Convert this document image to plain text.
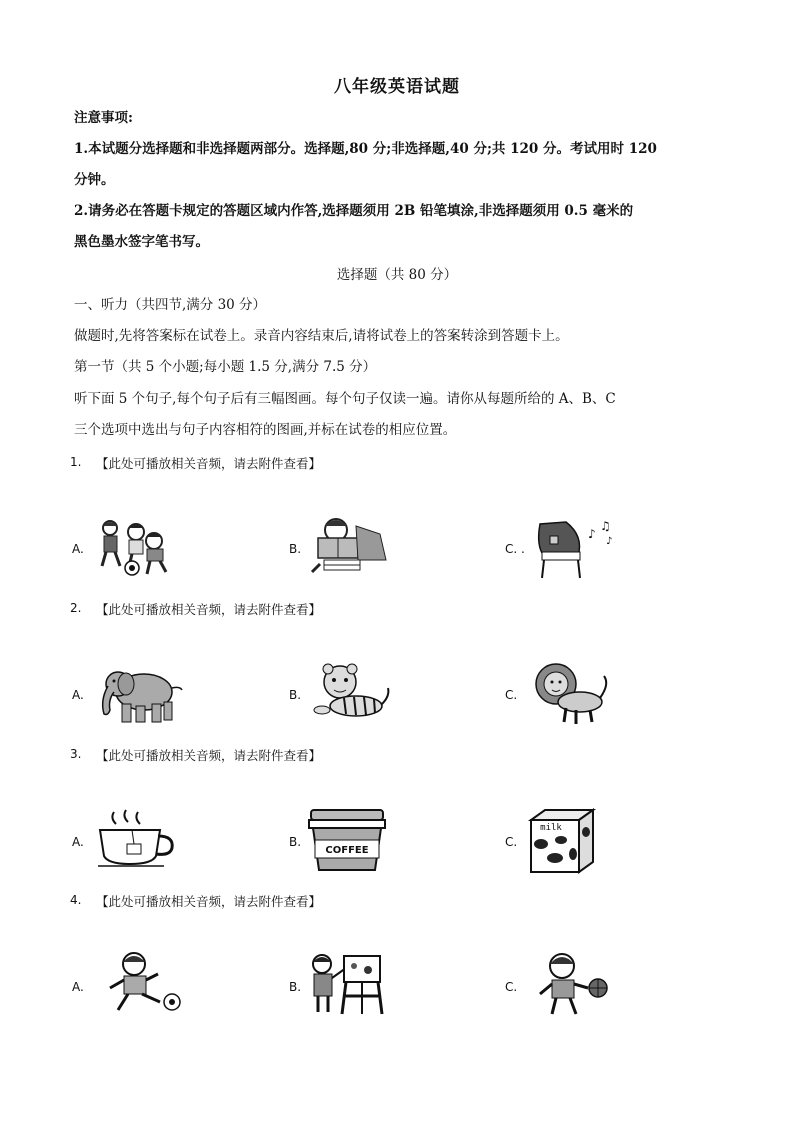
八年级英语试题
注意事项:
1.本试题分选择题和非选择题两部分。选择题,80 分;非选择题,40 分;共 120 分。考试用时 120
分钟。
2.请务必在答题卡规定的答题区域内作答,选择题须用 2B 铅笔填涂,非选择题须用 0.5 毫米的
黑色墨水签字笔书写。
选择题（共 80 分）
一、听力（共四节,满分 30 分）
做题时,先将答案标在试卷上。录音内容结束后,请将试卷上的答案转涂到答题卡上。
第一节（共 5 个小题;每小题 1.5 分,满分 7.5 分）
听下面 5 个句子,每个句子后有三幅图画。每个句子仅读一遍。请你从每题所给的 A、B、C
三个选项中选出与句子内容相符的图画,并标在试卷的相应位置。
1. 【此处可播放相关音频，请去附件查看】
A.	B.	C. .
♪
♫
♪
2. 【此处可播放相关音频，请去附件查看】
A.	B.	C.
3. 【此处可播放相关音频，请去附件查看】
A.	B.	C.
COFFEE
milk
4. 【此处可播放相关音频，请去附件查看】
A.	B.	C.
